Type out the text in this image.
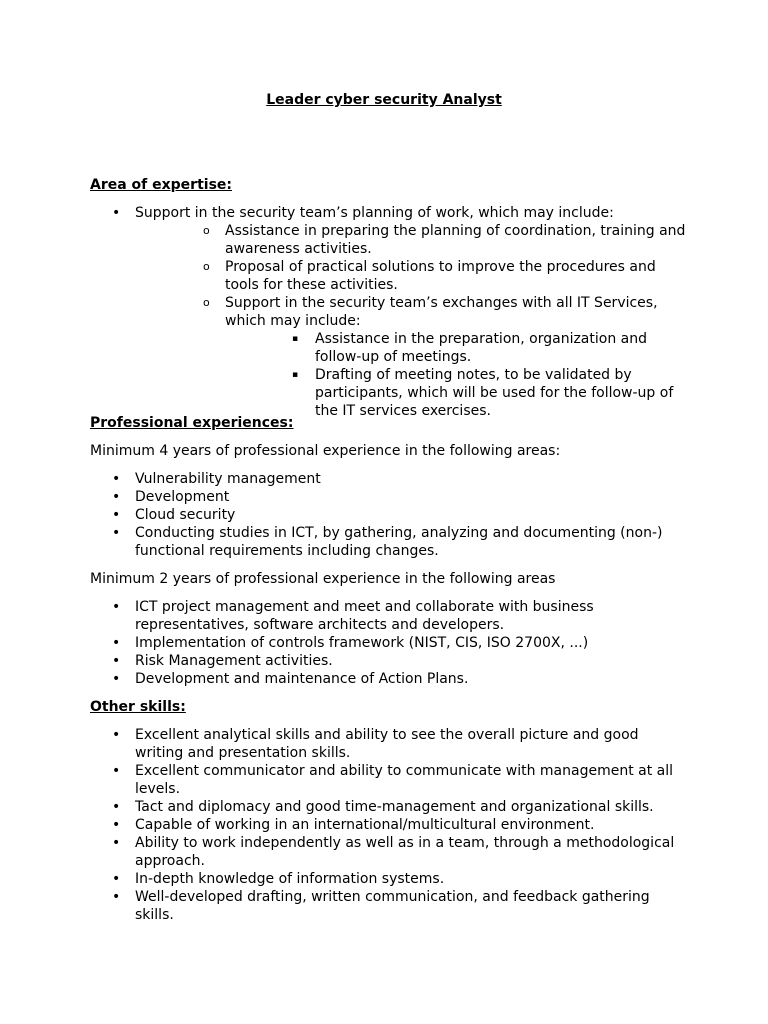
Leader cyber security Analyst
Area of expertise:
• Support in the security team’s planning of work, which may include:
o Assistance in preparing the planning of coordination, training and awareness activities.
o Proposal of practical solutions to improve the procedures and tools for these activities.
o Support in the security team’s exchanges with all IT Services, which may include:
▪ Assistance in the preparation, organization and follow-up of meetings.
▪ Drafting of meeting notes, to be validated by participants, which will be used for the follow-up of the IT services exercises.
Professional experiences:

Minimum 4 years of professional experience in the following areas:

• Vulnerability management
• Development
• Cloud security
• Conducting studies in ICT, by gathering, analyzing and documenting (non-) functional requirements including changes.

Minimum 2 years of professional experience in the following areas

• ICT project management and meet and collaborate with business representatives, software architects and developers.
• Implementation of controls framework (NIST, CIS, ISO 2700X, ...)
• Risk Management activities.
• Development and maintenance of Action Plans.
Other skills:
• Excellent analytical skills and ability to see the overall picture and good writing and presentation skills.
• Excellent communicator and ability to communicate with management at all levels.
• Tact and diplomacy and good time-management and organizational skills.
• Capable of working in an international/multicultural environment.
• Ability to work independently as well as in a team, through a methodological approach.
• In-depth knowledge of information systems.
• Well-developed drafting, written communication, and feedback gathering skills.
